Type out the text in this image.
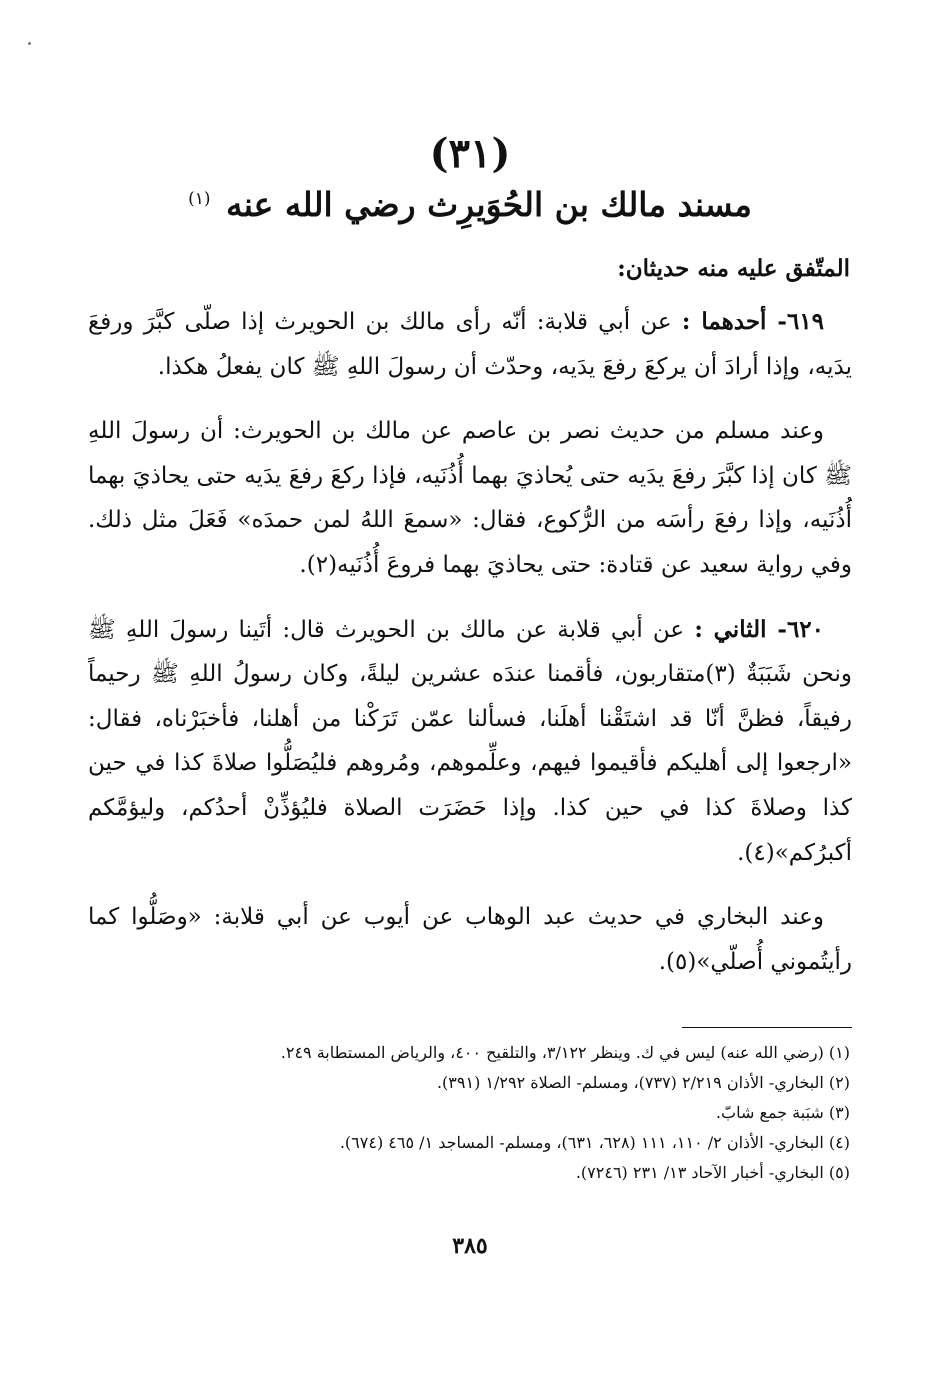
(٣١)
مسند مالك بن الحُوَيرِث رضي الله عنه $^{(١)}$
المتّفق عليه منه حديثان:

٦١٩- أحدهما : عن أبي قلابة: أنّه رأى مالك بن الحويرث إذا صلّى كبَّرَ ورفعَ يدَيه، وإذا أرادَ أن يركعَ رفعَ يدَيه، وحدّث أن رسولَ اللهِ ﷺ كان يفعلُ هكذا.

وعند مسلم من حديث نصر بن عاصم عن مالك بن الحويرث: أن رسولَ اللهِ ﷺ كان إذا كبَّرَ رفعَ يدَيه حتى يُحاذيَ بهما أُذُنَيه، فإذا ركعَ رفعَ يدَيه حتى يحاذيَ بهما أُذُنَيه، وإذا رفعَ رأسَه من الرُّكوع، فقال: «سمعَ اللهُ لمن حمدَه» فَعَلَ مثل ذلك. وفي رواية سعيد عن قتادة: حتى يحاذيَ بهما فروعَ أُذُنَيه(٢).

٦٢٠- الثاني : عن أبي قلابة عن مالك بن الحويرث قال: أتَينا رسولَ اللهِ ﷺ ونحن شَبَبَةٌ (٣)متقاربون، فأقمنا عندَه عشرين ليلةً، وكان رسولُ اللهِ ﷺ رحيماً رفيقاً، فظنَّ أنّا قد اشتَقْنا أهلَنا، فسألنا عمّن تَرَكْنا من أهلنا، فأخبَرْناه، فقال: «ارجعوا إلى أهليكم فأقيموا فيهم، وعلِّموهم، ومُروهم فليُصَلُّوا صلاةَ كذا في حين كذا وصلاةَ كذا في حين كذا. وإذا حَضَرَت الصلاة فليُؤذِّنْ أحدُكم، وليؤمَّكم أكبرُكم»(٤).

وعند البخاري في حديث عبد الوهاب عن أيوب عن أبي قلابة: «وصَلُّوا كما رأيتُموني أُصلّي»(٥).

(١) (رضي الله عنه) ليس في ك. وينظر ٣/١٢٢، والتلقيح ٤٠٠، والرياض المستطابة ٢٤٩.
(٢) البخاري- الأذان ٢/٢١٩ (٧٣٧)، ومسلم- الصلاة ١/٢٩٢ (٣٩١).
(٣) شبَبة جمع شابّ.
(٤) البخاري- الأذان ٢/ ١١٠، ١١١ (٦٢٨، ٦٣١)، ومسلم- المساجد ١/ ٤٦٥ (٦٧٤).
(٥) البخاري- أخبار الآحاد ١٣/ ٢٣١ (٧٢٤٦).
٣٨٥
